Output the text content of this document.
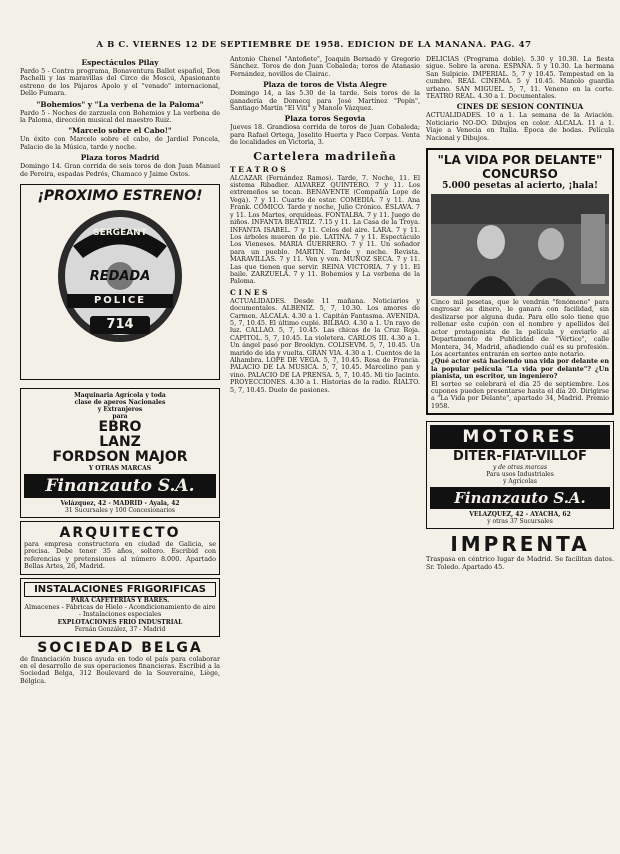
A B C. VIERNES 12 DE SEPTIEMBRE DE 1958. EDICION DE LA MAÑANA. PAG. 47
Espectáculos Pilay
Pardo 5 - Contra programa, Bonaventura Ballet español, Don Pachelli y las maravillas del Circo de Moscú, Apasionante estreno de los Pájaros Apolo y el "venado" internacional, Dello Fumara.
"Bohemios" y "La verbena de la Paloma"
Pardo 5 - Noches de zarzuela con Bohemios y La verbena de la Paloma, dirección musical del maestro Ruiz.
"Marcelo sobre el Cabo!"
Un éxito con Marcelo sobre el cabo, de Jardiel Poncela, Palacio de la Música, tarde y noche.
Plaza toros Madrid
Domingo 14. Gran corrida de seis toros de don Juan Manuel de Pereira, espadas Pedrés, Chamaco y Jaime Ostos.
¡PROXIMO ESTRENO!
SERGEANT
REDADA
POLICE
714
Maquinaria Agrícola y toda
clase de aperos Nacionales
y Extranjeros
para
EBRO
LANZ
FORDSON MAJOR
Y OTRAS MARCAS
Finanzauto S.A.
Velázquez, 42 - MADRID - Ayala, 42
31 Sucursales y 100 Concesionarios
ARQUITECTO
para empresa constructora en ciudad de Galicia, se precisa. Debe tener 35 años, soltero. Escribid con referencias y pretensiones al número 8.000. Apartado Bellas Artes, 26, Madrid.
INSTALACIONES FRIGORIFICAS
PARA CAFETERIAS Y BARES.
Almacenes - Fábricas de Hielo - Acondicionamiento de aire - Instalaciones especiales
EXPLOTACIONES FRIO INDUSTRIAL
Fernán González, 37 - Madrid
SOCIEDAD BELGA
de financiación busca ayuda en todo el país para colaborar en el desarrollo de sus operaciones financieras. Escribid a la Sociedad Belga, 312 Boulevard de la Souveraine, Liège, Bélgica.
Antonio Chenel "Antoñete", Joaquín Bernadó y Gregorio Sánchez. Toros de don Juan Cobaleda; toros de Atanasio Fernández, novillos de Clairac.
Plaza de toros de Vista Alegre
Domingo 14, a las 5.30 de la tarde. Seis toros de la ganadería de Domecq para José Martínez "Pepín", Santiago Martín "El Viti" y Manolo Vázquez.
Plaza toros Segovia
Jueves 18. Grandiosa corrida de toros de Juan Cobaleda; para Rafael Ortega, Joselito Huerta y Paco Corpas. Venta de localidades en Victoria, 3.
Cartelera madrileña
T E A T R O S
ALCAZAR (Fernández Ramos). Tarde, 7. Noche, 11. El sistema Ribadier. ALVAREZ QUINTERO. 7 y 11. Los extremeños se tocan. BENAVENTE (Compañía Lope de Vega). 7 y 11. Cuarto de estar. COMEDIA. 7 y 11. Ana Frank. CÓMICO. Tarde y noche, Julio Crónico. ESLAVA. 7 y 11. Los Martes, orquídeas. FONTALBA. 7 y 11. Juego de niños. INFANTA BEATRIZ. 7.15 y 11. La Casa de la Troya. INFANTA ISABEL. 7 y 11. Celos del aire. LARA. 7 y 11. Los árboles mueren de pie. LATINA. 7 y 11. Espectáculo Los Vieneses. MARIA GUERRERO. 7 y 11. Un soñador para un pueblo. MARTIN. Tarde y noche. Revista. MARAVILLAS. 7 y 11. Ven y ven. MUÑOZ SECA. 7 y 11. Las que tienen que servir. REINA VICTORIA. 7 y 11. El baile. ZARZUELA. 7 y 11. Bohemios y La verbena de la Paloma.
C I N E S
ACTUALIDADES. Desde 11 mañana. Noticiarios y documentales. ALBENIZ. 5, 7, 10.30. Los amores de Carmen. ALCALA. 4.30 a 1. Capitán Fantasma. AVENIDA. 5, 7, 10.45. El último cuplé. BILBAO. 4.30 a 1. Un rayo de luz. CALLAO. 5, 7, 10.45. Las chicas de la Cruz Roja. CAPITOL. 5, 7, 10.45. La violetera. CARLOS III. 4.30 a 1. Un ángel pasó por Brooklyn. COLISEVM. 5, 7, 10.45. Un marido de ida y vuelta. GRAN VIA. 4.30 a 1. Cuentos de la Alhambra. LOPE DE VEGA. 5, 7, 10.45. Rosa de Francia. PALACIO DE LA MUSICA. 5, 7, 10.45. Marcelino pan y vino. PALACIO DE LA PRENSA. 5, 7, 10.45. Mi tío Jacinto. PROYECCIONES. 4.30 a 1. Historias de la radio. RIALTO. 5, 7, 10.45. Duelo de pasiones.
DELICIAS (Programa doble). 5.30 y 10.30. La fiesta sigue. Sobre la arena. ESPAÑA. 5 y 10.30. La hermana San Sulpicio. IMPERIAL. 5, 7 y 10.45. Tempestad en la cumbre. REAL CINEMA. 5 y 10.45. Manolo guardia urbano. SAN MIGUEL. 5, 7, 11. Veneno en la corte. TEATRO REAL. 4.30 a 1. Documentales.
CINES DE SESION CONTINUA
ACTUALIDADES. 10 a 1. La semana de la Aviación. Noticiario NO-DO. Dibujos en color. ALCALA. 11 a 1. Viaje a Venecia en Italia. Época de bodas. Película Nacional y Dibujos.
"LA VIDA POR DELANTE"
CONCURSO
5.000 pesetas al acierto, ¡hala!
Cinco mil pesetas, que le vendrán "fenómeno" para engrosar su dinero, le ganará con facilidad, sin deslizarse por alguna duda. Para ello solo tiene que rellenar este cupón con el nombre y apellidos del actor protagonista de la película y enviarlo al Departamento de Publicidad de "Vértice", calle Montera, 34, Madrid, añadiendo cuál es su profesión. Los acertantes entrarán en sorteo ante notario.
¿Qué actor está haciendo una vida por delante en la popular película "La vida por delante"? ¿Un pianista, un escritor, un ingeniero?
El sorteo se celebrará el día 25 de septiembre. Los cupones pueden presentarse hasta el día 20. Dirigirse a "La Vida por Delante", apartado 34, Madrid. Premio 1958.
MOTORES
DITER-FIAT-VILLOF
y de otras marcas
Para usos Industriales
y Agrícolas
Finanzauto S.A.
VELAZQUEZ, 42 - AYACHA, 62
y otras 37 Sucursales
IMPRENTA
Traspasa en céntrico lugar de Madrid. Se facilitan datos. Sr. Toledo. Apartado 45.
